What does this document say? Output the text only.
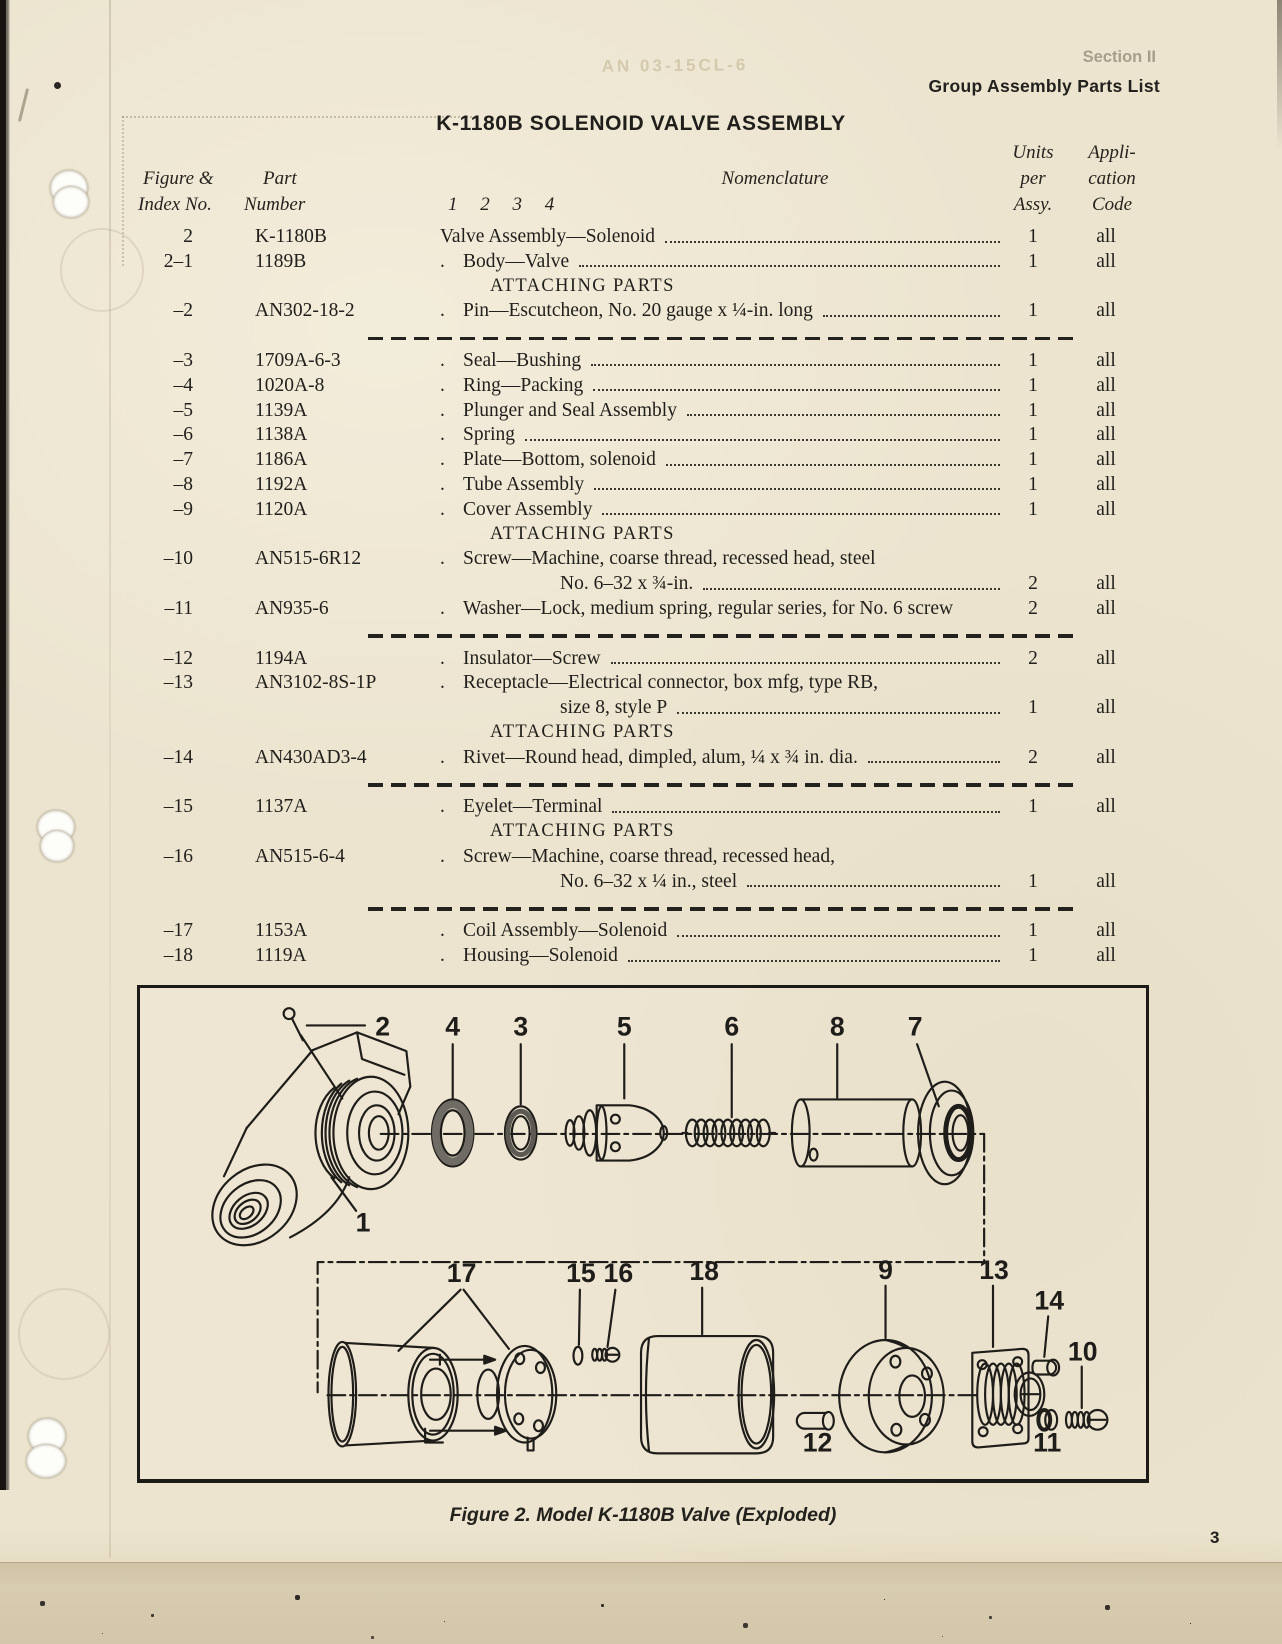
AN 03-15CL-6	Section II
Group Assembly Parts List
K-1180B SOLENOID VALVE ASSEMBLY
Figure &
Index No.
Part
Number	1 2 3 4
Nomenclature
Units
per
Assy.
Appli-
cation
Code
2	K-1180B	Valve Assembly—Solenoid	1	all
2–1	1189B	. Body—Valve	1	all
ATTACHING PARTS
–2	AN302-18-2	. Pin—Escutcheon, No. 20 gauge x ¼-in. long	1	all
–3	1709A-6-3	. Seal—Bushing	1	all
–4	1020A-8	. Ring—Packing	1	all
–5	1139A	. Plunger and Seal Assembly	1	all
–6	1138A	. Spring	1	all
–7	1186A	. Plate—Bottom, solenoid	1	all
–8	1192A	. Tube Assembly	1	all
–9	1120A	. Cover Assembly	1	all
ATTACHING PARTS
–10	AN515-6R12	. Screw—Machine, coarse thread, recessed head, steel
No. 6–32 x ¾-in.	2	all
–11	AN935-6	. Washer—Lock, medium spring, regular series, for No. 6 screw	2	all
–12	1194A	. Insulator—Screw	2	all
–13	AN3102-8S-1P	. Receptacle—Electrical connector, box mfg, type RB,
size 8, style P	1	all
ATTACHING PARTS
–14	AN430AD3-4	. Rivet—Round head, dimpled, alum, ¼ x ¾ in. dia.	2	all
–15	1137A	. Eyelet—Terminal	1	all
ATTACHING PARTS
–16	AN515-6-4	. Screw—Machine, coarse thread, recessed head,
No. 6–32 x ¼ in., steel	1	all
–17	1153A	. Coil Assembly—Solenoid	1	all
–18	1119A	. Housing—Solenoid	1	all
1
2	3
4	5	6	7
8
9
10
11
12
13
14
15 16
17	18
Figure 2. Model K-1180B Valve (Exploded)
3
